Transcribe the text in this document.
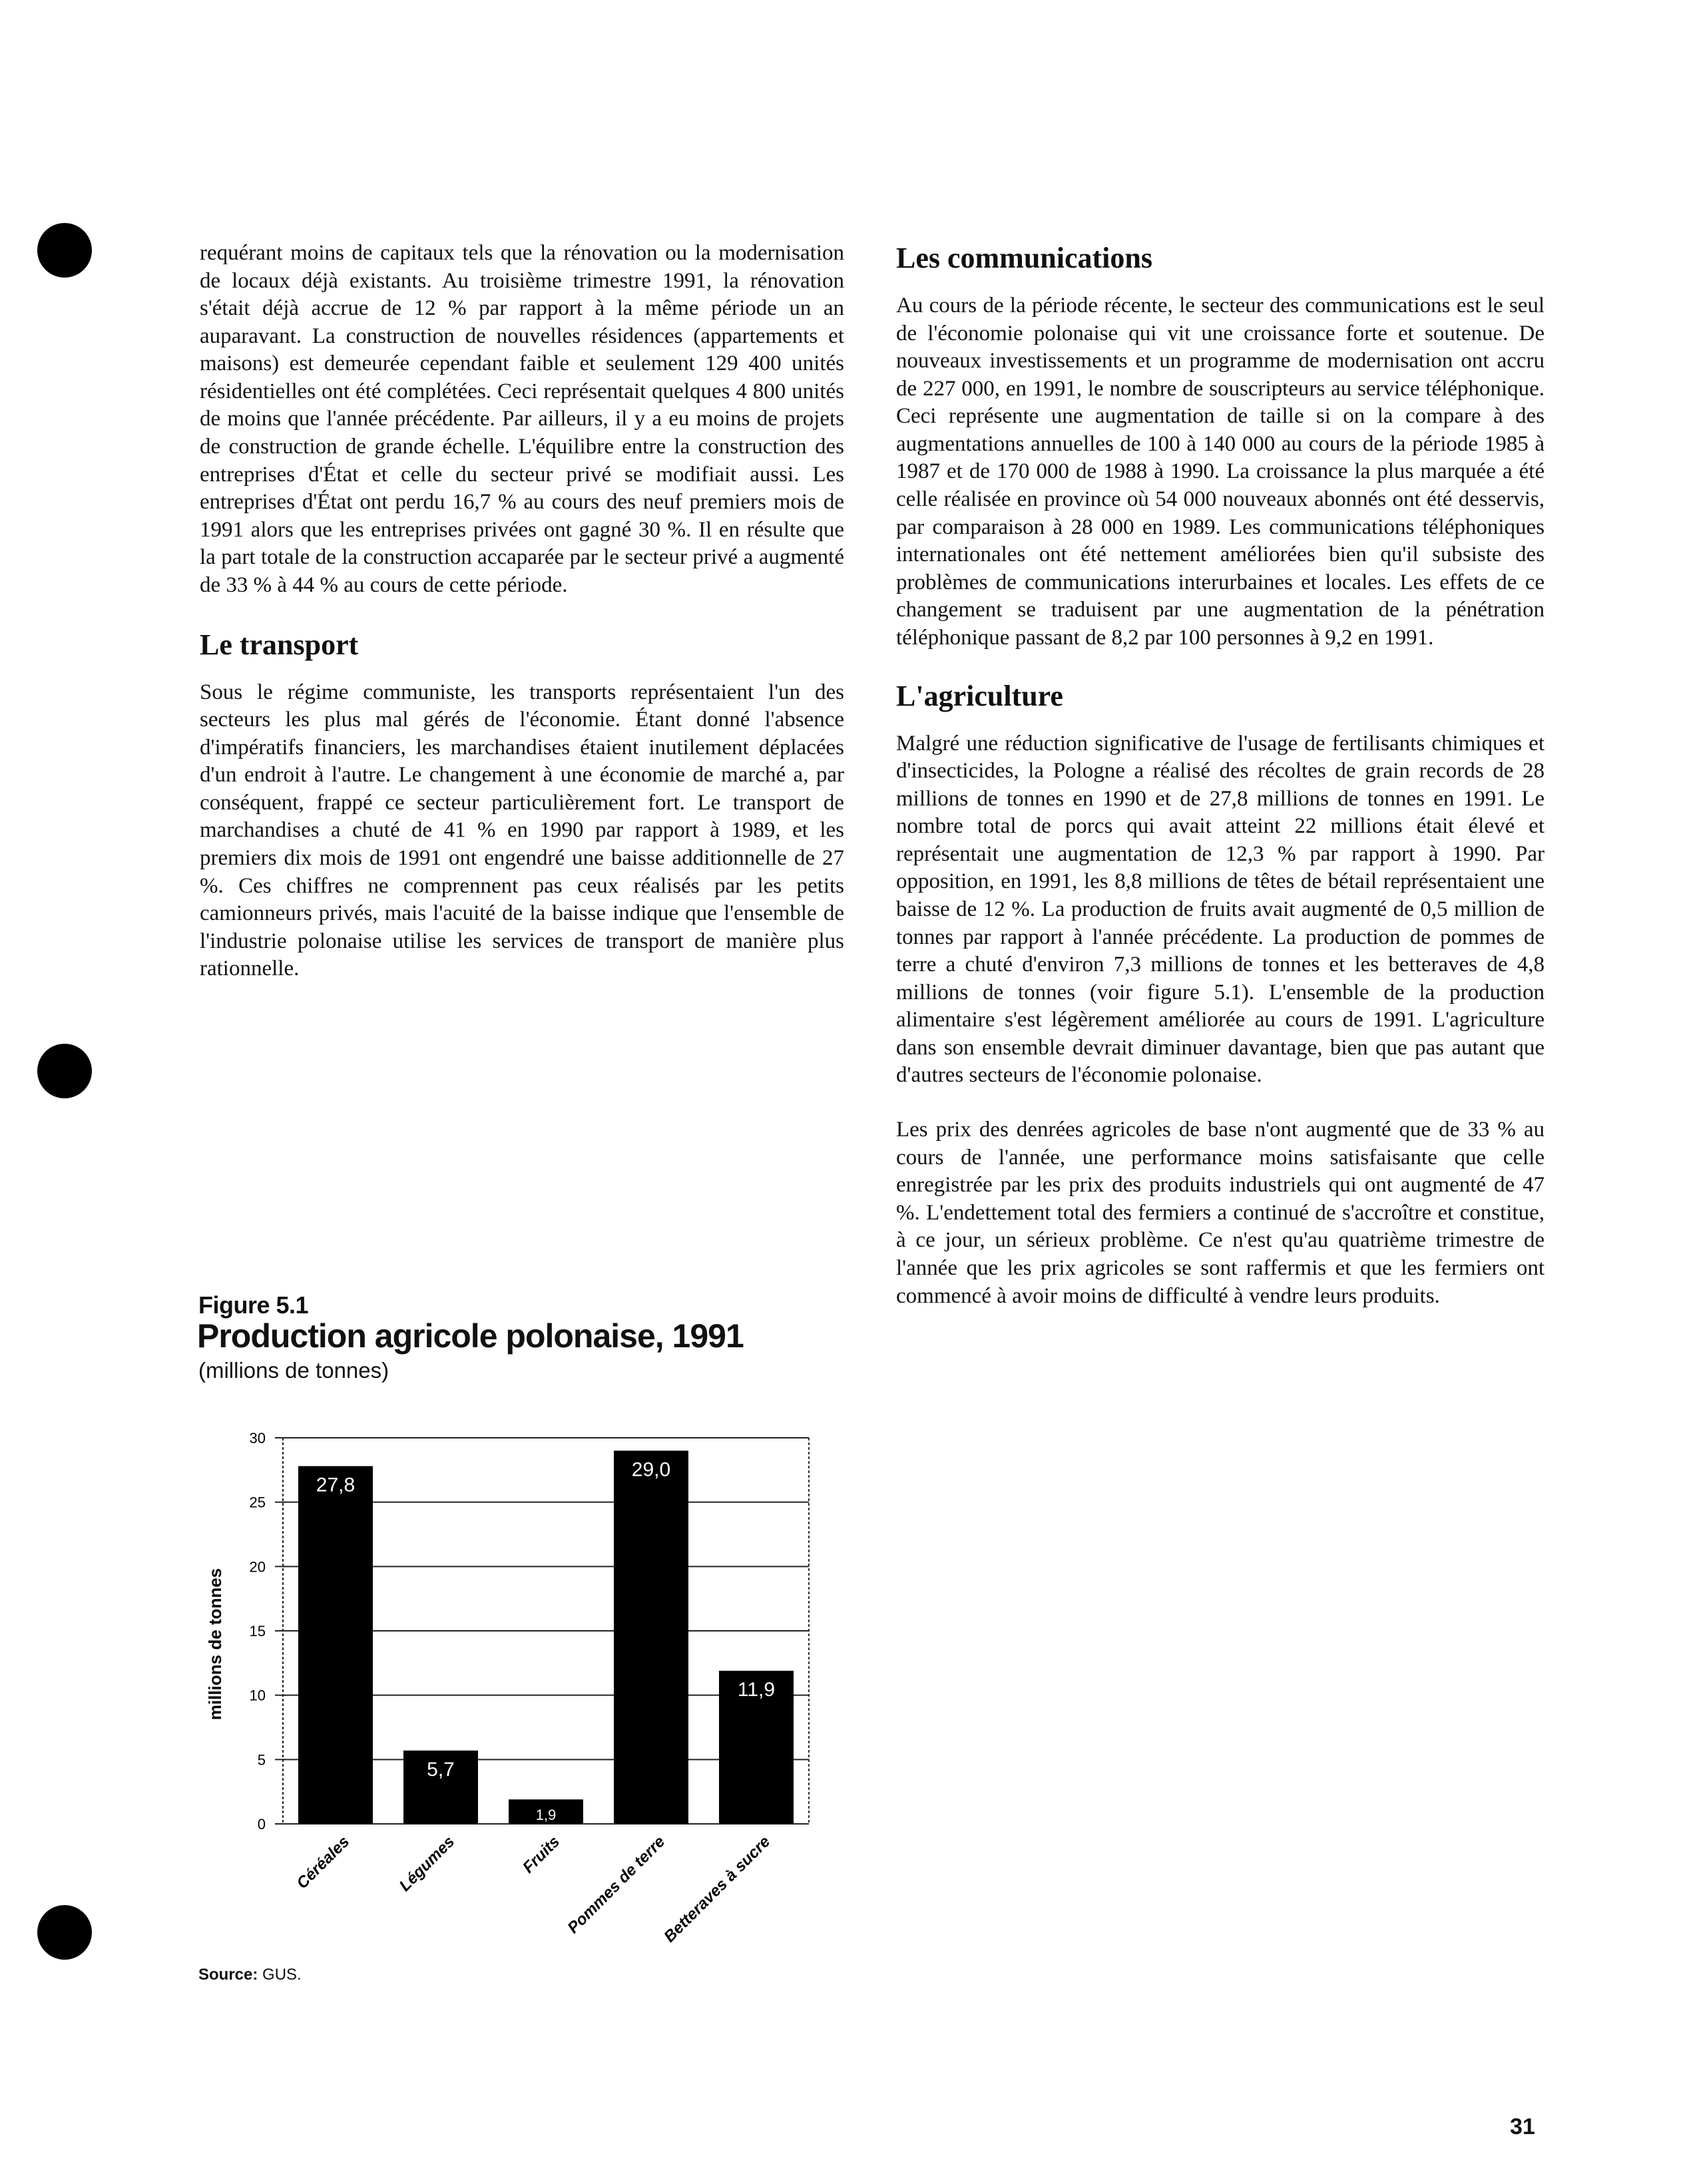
requérant moins de capitaux tels que la rénovation ou la modernisation de locaux déjà existants. Au troisième trimestre 1991, la rénovation s'était déjà accrue de 12 % par rapport à la même période un an auparavant. La construction de nouvelles résidences (appartements et maisons) est demeurée cependant faible et seulement 129 400 unités résidentielles ont été complétées. Ceci représentait quelques 4 800 unités de moins que l'année précédente. Par ailleurs, il y a eu moins de projets de construction de grande échelle. L'équilibre entre la construction des entreprises d'État et celle du secteur privé se modifiait aussi. Les entreprises d'État ont perdu 16,7 % au cours des neuf premiers mois de 1991 alors que les entreprises privées ont gagné 30 %. Il en résulte que la part totale de la construction accaparée par le secteur privé a augmenté de 33 % à 44 % au cours de cette période.

Le transport

Sous le régime communiste, les transports représentaient l'un des secteurs les plus mal gérés de l'économie. Étant donné l'absence d'impératifs financiers, les marchandises étaient inutilement déplacées d'un endroit à l'autre. Le changement à une économie de marché a, par conséquent, frappé ce secteur particulièrement fort. Le transport de marchandises a chuté de 41 % en 1990 par rapport à 1989, et les premiers dix mois de 1991 ont engendré une baisse additionnelle de 27 %. Ces chiffres ne comprennent pas ceux réalisés par les petits camionneurs privés, mais l'acuité de la baisse indique que l'ensemble de l'industrie polonaise utilise les services de transport de manière plus rationnelle.

Les communications

Au cours de la période récente, le secteur des communications est le seul de l'économie polonaise qui vit une croissance forte et soutenue. De nouveaux investissements et un programme de modernisation ont accru de 227 000, en 1991, le nombre de souscripteurs au service téléphonique. Ceci représente une augmentation de taille si on la compare à des augmentations annuelles de 100 à 140 000 au cours de la période 1985 à 1987 et de 170 000 de 1988 à 1990. La croissance la plus marquée a été celle réalisée en province où 54 000 nouveaux abonnés ont été desservis, par comparaison à 28 000 en 1989. Les communications téléphoniques internationales ont été nettement améliorées bien qu'il subsiste des problèmes de communications interurbaines et locales. Les effets de ce changement se traduisent par une augmentation de la pénétration téléphonique passant de 8,2 par 100 personnes à 9,2 en 1991.

L'agriculture

Malgré une réduction significative de l'usage de fertilisants chimiques et d'insecticides, la Pologne a réalisé des récoltes de grain records de 28 millions de tonnes en 1990 et de 27,8 millions de tonnes en 1991. Le nombre total de porcs qui avait atteint 22 millions était élevé et représentait une augmentation de 12,3 % par rapport à 1990. Par opposition, en 1991, les 8,8 millions de têtes de bétail représentaient une baisse de 12 %. La production de fruits avait augmenté de 0,5 million de tonnes par rapport à l'année précédente. La production de pommes de terre a chuté d'environ 7,3 millions de tonnes et les betteraves de 4,8 millions de tonnes (voir figure 5.1). L'ensemble de la production alimentaire s'est légèrement améliorée au cours de 1991. L'agriculture dans son ensemble devrait diminuer davantage, bien que pas autant que d'autres secteurs de l'économie polonaise.

Les prix des denrées agricoles de base n'ont augmenté que de 33 % au cours de l'année, une performance moins satisfaisante que celle enregistrée par les prix des produits industriels qui ont augmenté de 47 %. L'endettement total des fermiers a continué de s'accroître et constitue, à ce jour, un sérieux problème. Ce n'est qu'au quatrième trimestre de l'année que les prix agricoles se sont raffermis et que les fermiers ont commencé à avoir moins de difficulté à vendre leurs produits.

Figure 5.1
Production agricole polonaise, 1991
(millions de tonnes)
0
5
10
15
20
25
30
27,8
5,7
1,9
29,0
11,9
Céréales	Légumes	Fruits Pommes de terre
Betteraves à sucre
millions de tonnes
Source: GUS.
31
